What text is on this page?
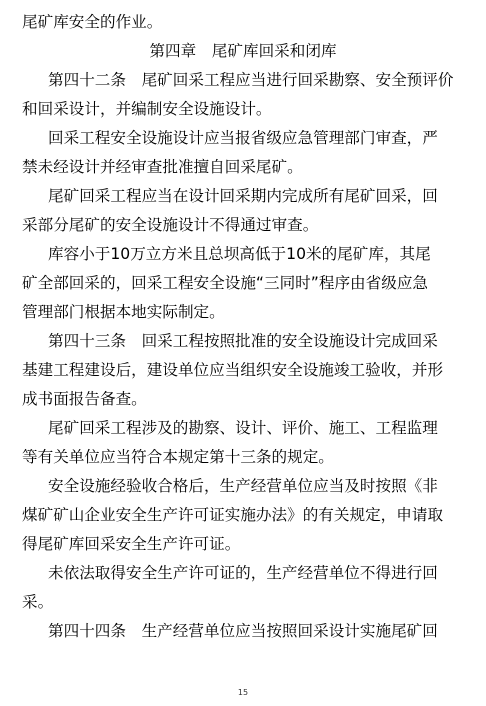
尾矿库安全的作业。
第四章　尾矿库回采和闭库
第四十二条　尾矿回采工程应当进行回采勘察、安全预评价
和回采设计，并编制安全设施设计。
回采工程安全设施设计应当报省级应急管理部门审查，严
禁未经设计并经审查批准擅自回采尾矿。
尾矿回采工程应当在设计回采期内完成所有尾矿回采，回
采部分尾矿的安全设施设计不得通过审查。
库容小于10万立方米且总坝高低于10米的尾矿库，其尾
矿全部回采的，回采工程安全设施“三同时”程序由省级应急
管理部门根据本地实际制定。
第四十三条　回采工程按照批准的安全设施设计完成回采
基建工程建设后，建设单位应当组织安全设施竣工验收，并形
成书面报告备查。
尾矿回采工程涉及的勘察、设计、评价、施工、工程监理
等有关单位应当符合本规定第十三条的规定。
安全设施经验收合格后，生产经营单位应当及时按照《非
煤矿矿山企业安全生产许可证实施办法》的有关规定，申请取
得尾矿库回采安全生产许可证。
未依法取得安全生产许可证的，生产经营单位不得进行回
采。
第四十四条　生产经营单位应当按照回采设计实施尾矿回
15
